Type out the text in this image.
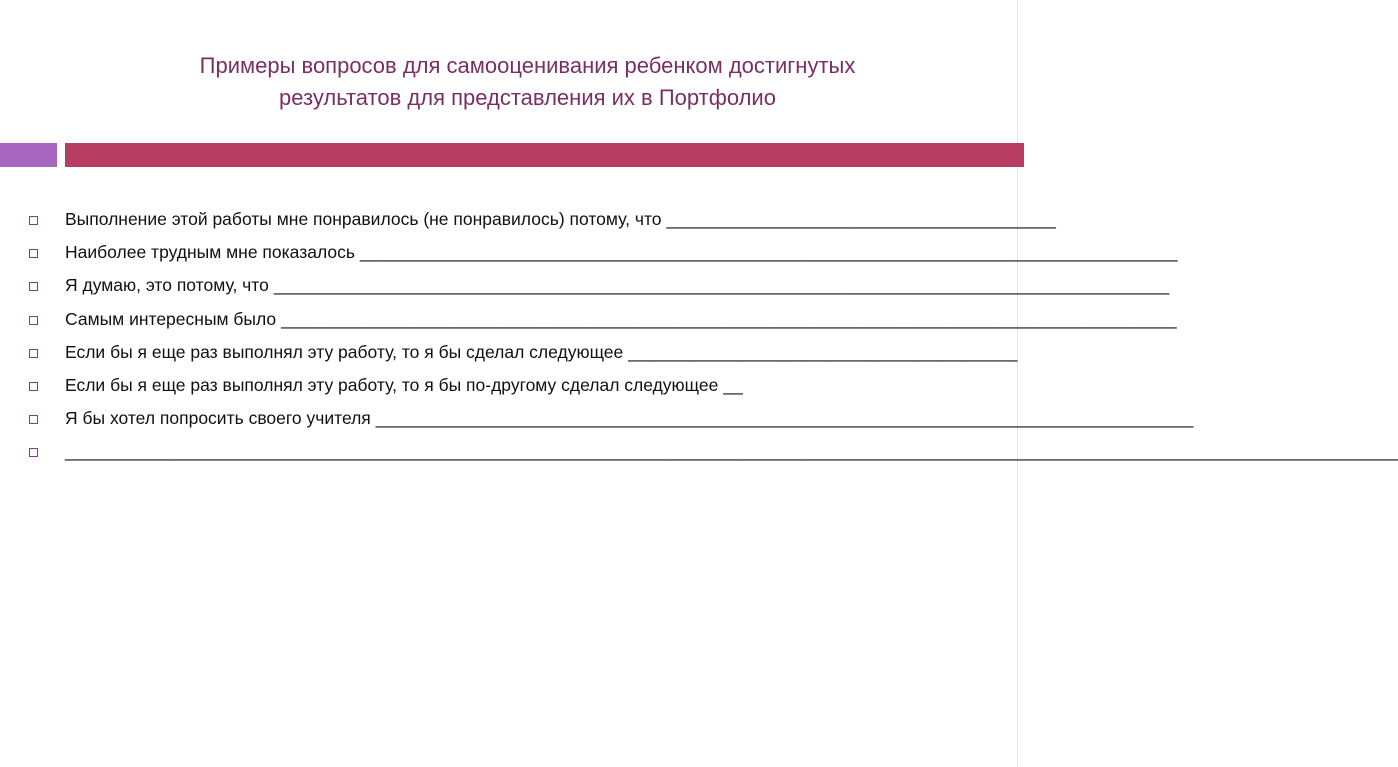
Примеры вопросов для самооценивания ребенком достигнутых
результатов для представления их в Портфолио
Выполнение этой работы мне понравилось (не понравилось) потому, что ________________________________________
Наиболее трудным мне показалось ____________________________________________________________________________________
Я думаю, это потому, что ____________________________________________________________________________________________
Самым интересным было ____________________________________________________________________________________________
Если бы я еще раз выполнял эту работу, то я бы сделал следующее ________________________________________
Если бы я еще раз выполнял эту работу, то я бы по-другому сделал следующее __
Я бы хотел попросить своего учителя ____________________________________________________________________________________
_________________________________________________________________________________________________________________________________________
